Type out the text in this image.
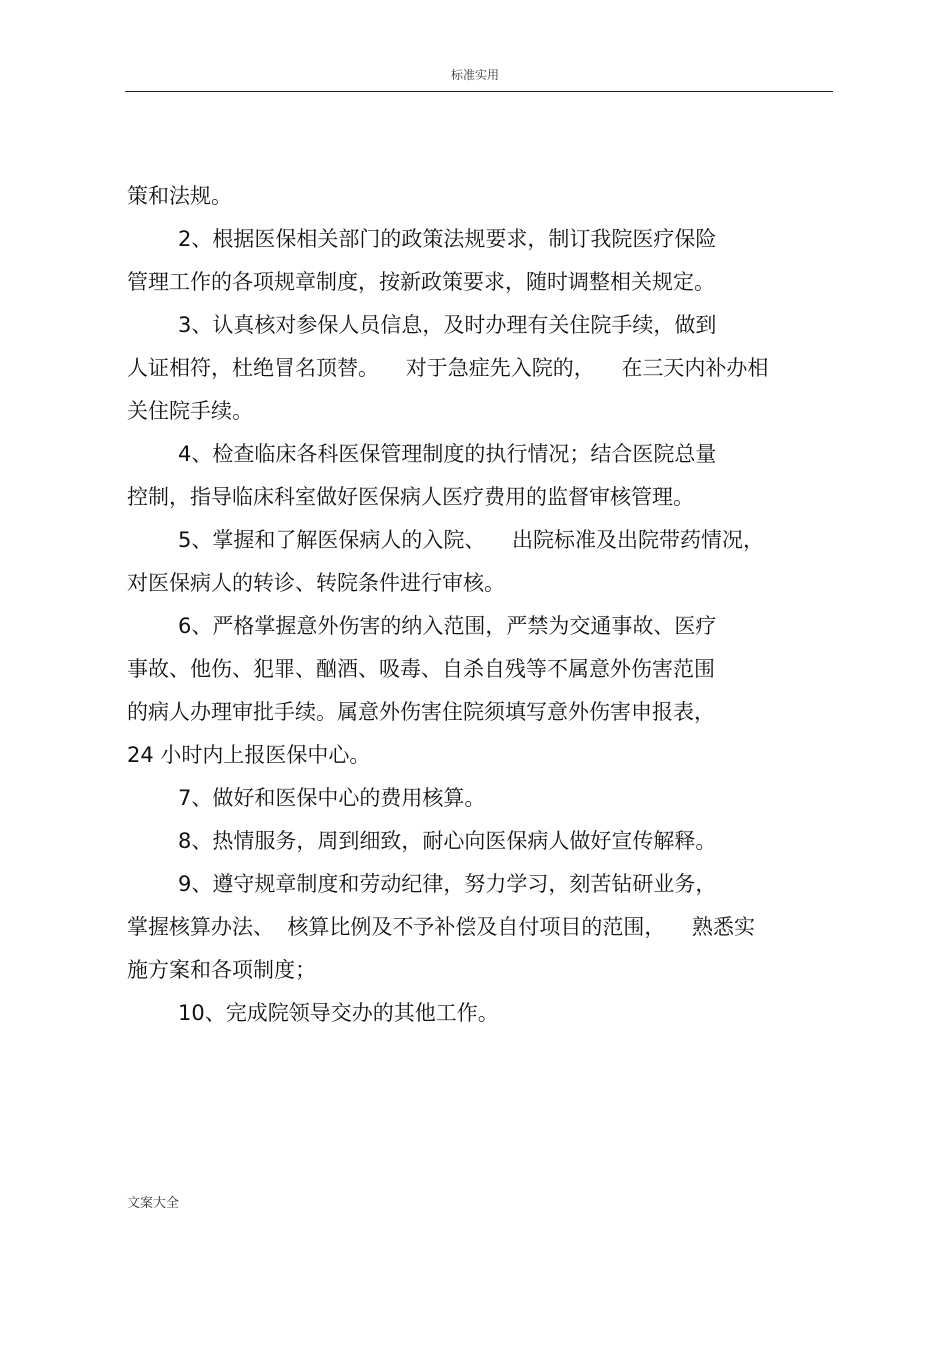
标准实用
策和法规。
2、根据医保相关部门的政策法规要求，制订我院医疗保险
管理工作的各项规章制度，按新政策要求，随时调整相关规定。
3、认真核对参保人员信息，及时办理有关住院手续，做到
人证相符，杜绝冒名顶替。    对于急症先入院的，    在三天内补办相
关住院手续。
4、检查临床各科医保管理制度的执行情况；结合医院总量
控制，指导临床科室做好医保病人医疗费用的监督审核管理。
5、掌握和了解医保病人的入院、    出院标准及出院带药情况，
对医保病人的转诊、转院条件进行审核。
6、严格掌握意外伤害的纳入范围，严禁为交通事故、医疗
事故、他伤、犯罪、酗酒、吸毒、自杀自残等不属意外伤害范围
的病人办理审批手续。属意外伤害住院须填写意外伤害申报表，
24 小时内上报医保中心。
7、做好和医保中心的费用核算。
8、热情服务，周到细致，耐心向医保病人做好宣传解释。
9、遵守规章制度和劳动纪律，努力学习，刻苦钻研业务，
掌握核算办法、  核算比例及不予补偿及自付项目的范围，    熟悉实
施方案和各项制度；
10、完成院领导交办的其他工作。
文案大全
